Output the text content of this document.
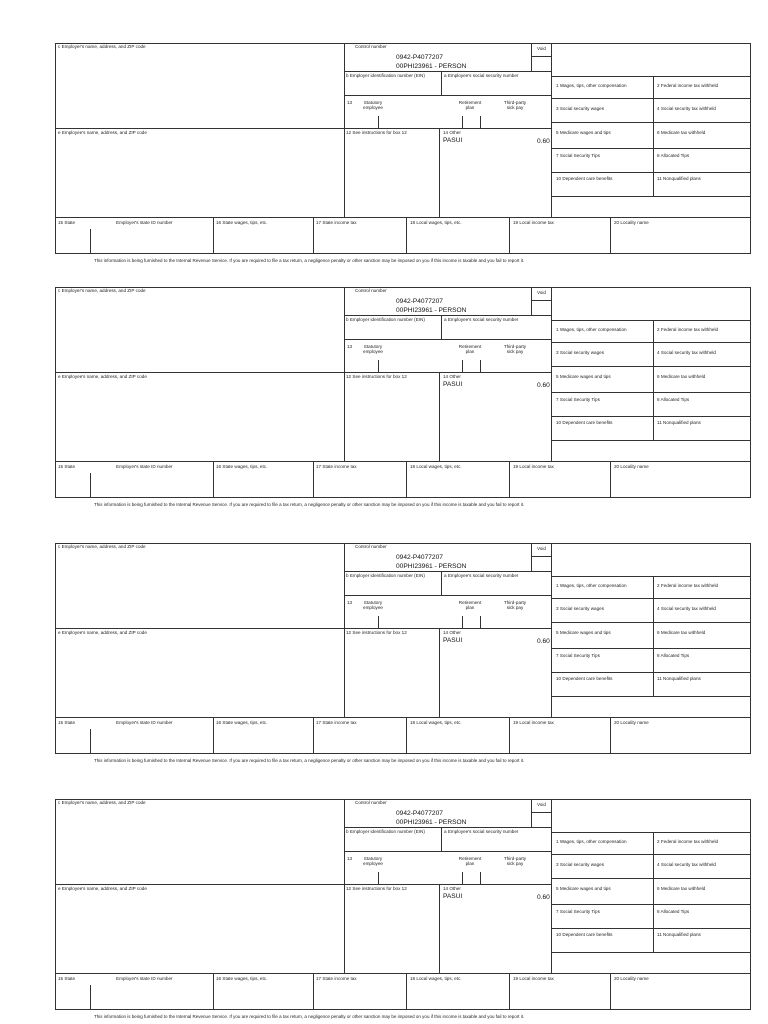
c Employer's name, address, and ZIP code
e Employee's name, address, and ZIP code
Control number
0942-P4077207
00PHI23961 - PERSON
Void
b Employer identification number (EIN)	a Employee's social security number
13	Statutory employee
Retirement plan
Third-party sick pay
12 See instructions for box 12	14 Other
PASUI	0.60
1 Wages, tips, other compensation	2 Federal income tax withheld
3 Social security wages	4 Social security tax withheld
5 Medicare wages and tips	6 Medicare tax withheld
7 Social Security Tips	8 Allocated Tips
10 Dependent care benefits	11 Nonqualified plans
15 State	Employer's state ID number	16 State wages, tips, etc.	17 State income tax	18 Local wages, tips, etc.	19 Local income tax	20 Locality name
This information is being furnished to the Internal Revenue Service. If you are required to file a tax return, a negligence penalty or other sanction may be imposed on you if this income is taxable and you fail to report it.
c Employer's name, address, and ZIP code
e Employee's name, address, and ZIP code
Control number
0942-P4077207
00PHI23961 - PERSON
Void
b Employer identification number (EIN)	a Employee's social security number
13	Statutory employee
Retirement plan
Third-party sick pay
12 See instructions for box 12	14 Other
PASUI	0.60
1 Wages, tips, other compensation	2 Federal income tax withheld
3 Social security wages	4 Social security tax withheld
5 Medicare wages and tips	6 Medicare tax withheld
7 Social Security Tips	8 Allocated Tips
10 Dependent care benefits	11 Nonqualified plans
15 State	Employer's state ID number	16 State wages, tips, etc.	17 State income tax	18 Local wages, tips, etc.	19 Local income tax	20 Locality name
This information is being furnished to the Internal Revenue Service. If you are required to file a tax return, a negligence penalty or other sanction may be imposed on you if this income is taxable and you fail to report it.
c Employer's name, address, and ZIP code
e Employee's name, address, and ZIP code
Control number
0942-P4077207
00PHI23961 - PERSON
Void
b Employer identification number (EIN)	a Employee's social security number
13	Statutory employee
Retirement plan
Third-party sick pay
12 See instructions for box 12	14 Other
PASUI	0.60
1 Wages, tips, other compensation	2 Federal income tax withheld
3 Social security wages	4 Social security tax withheld
5 Medicare wages and tips	6 Medicare tax withheld
7 Social Security Tips	8 Allocated Tips
10 Dependent care benefits	11 Nonqualified plans
15 State	Employer's state ID number	16 State wages, tips, etc.	17 State income tax	18 Local wages, tips, etc.	19 Local income tax	20 Locality name
This information is being furnished to the Internal Revenue Service. If you are required to file a tax return, a negligence penalty or other sanction may be imposed on you if this income is taxable and you fail to report it.
c Employer's name, address, and ZIP code
e Employee's name, address, and ZIP code
Control number
0942-P4077207
00PHI23961 - PERSON
Void
b Employer identification number (EIN)	a Employee's social security number
13	Statutory employee
Retirement plan
Third-party sick pay
12 See instructions for box 12	14 Other
PASUI	0.60
1 Wages, tips, other compensation	2 Federal income tax withheld
3 Social security wages	4 Social security tax withheld
5 Medicare wages and tips	6 Medicare tax withheld
7 Social Security Tips	8 Allocated Tips
10 Dependent care benefits	11 Nonqualified plans
15 State	Employer's state ID number	16 State wages, tips, etc.	17 State income tax	18 Local wages, tips, etc.	19 Local income tax	20 Locality name
This information is being furnished to the Internal Revenue Service. If you are required to file a tax return, a negligence penalty or other sanction may be imposed on you if this income is taxable and you fail to report it.
